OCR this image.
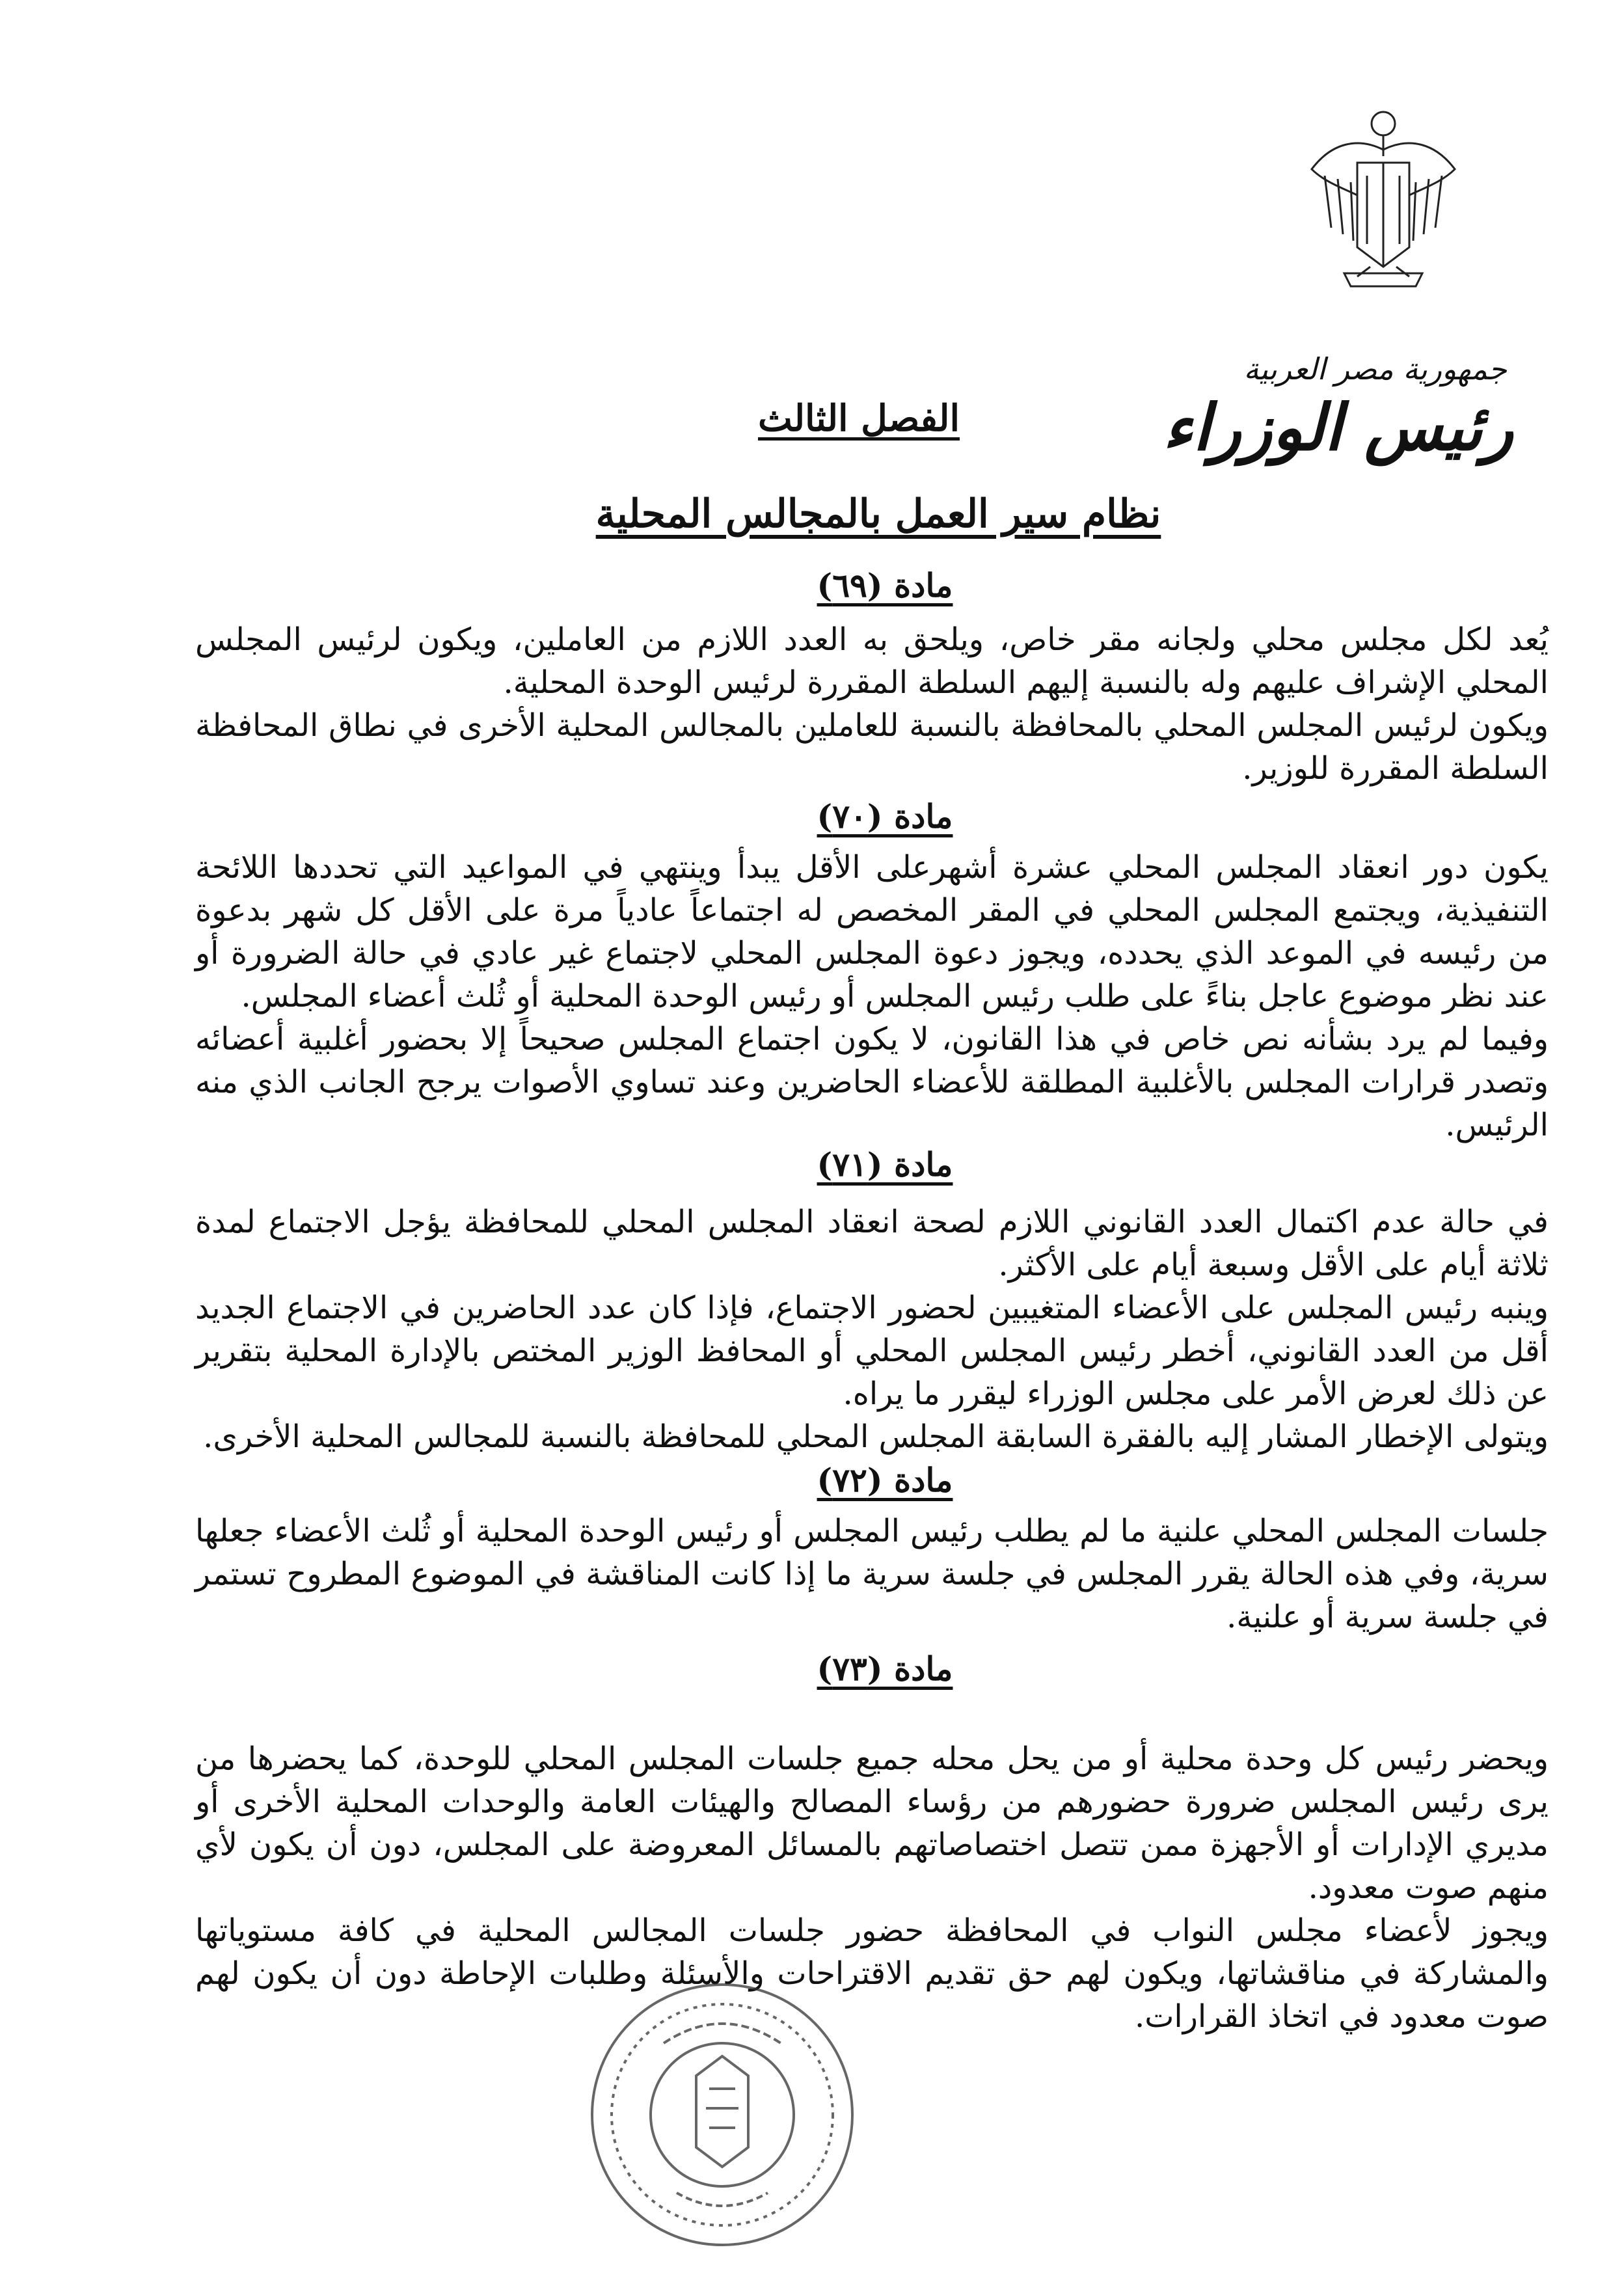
جمهورية مصر العربية
رئيس الوزراء
الفصل الثالث
نظام سير العمل بالمجالس المحلية
مادة (٦٩)

يُعد لكل مجلس محلي ولجانه مقر خاص، ويلحق به العدد اللازم من العاملين، ويكون لرئيس المجلس المحلي الإشراف عليهم وله بالنسبة إليهم السلطة المقررة لرئيس الوحدة المحلية.

ويكون لرئيس المجلس المحلي بالمحافظة بالنسبة للعاملين بالمجالس المحلية الأخرى في نطاق المحافظة السلطة المقررة للوزير.

مادة (٧٠)

يكون دور انعقاد المجلس المحلي عشرة أشهرعلى الأقل يبدأ وينتهي في المواعيد التي تحددها اللائحة التنفيذية، ويجتمع المجلس المحلي في المقر المخصص له اجتماعاً عادياً مرة على الأقل كل شهر بدعوة من رئيسه في الموعد الذي يحدده، ويجوز دعوة المجلس المحلي لاجتماع غير عادي في حالة الضرورة أو عند نظر موضوع عاجل بناءً على طلب رئيس المجلس أو رئيس الوحدة المحلية أو ثُلث أعضاء المجلس.

وفيما لم يرد بشأنه نص خاص في هذا القانون، لا يكون اجتماع المجلس صحيحاً إلا بحضور أغلبية أعضائه وتصدر قرارات المجلس بالأغلبية المطلقة للأعضاء الحاضرين وعند تساوي الأصوات يرجح الجانب الذي منه الرئيس.

مادة (٧١)

في حالة عدم اكتمال العدد القانوني اللازم لصحة انعقاد المجلس المحلي للمحافظة يؤجل الاجتماع لمدة ثلاثة أيام على الأقل وسبعة أيام على الأكثر.

وينبه رئيس المجلس على الأعضاء المتغيبين لحضور الاجتماع، فإذا كان عدد الحاضرين في الاجتماع الجديد أقل من العدد القانوني، أخطر رئيس المجلس المحلي أو المحافظ الوزير المختص بالإدارة المحلية بتقرير عن ذلك لعرض الأمر على مجلس الوزراء ليقرر ما يراه.

ويتولى الإخطار المشار إليه بالفقرة السابقة المجلس المحلي للمحافظة بالنسبة للمجالس المحلية الأخرى.

مادة (٧٢)

جلسات المجلس المحلي علنية ما لم يطلب رئيس المجلس أو رئيس الوحدة المحلية أو ثُلث الأعضاء جعلها سرية، وفي هذه الحالة يقرر المجلس في جلسة سرية ما إذا كانت المناقشة في الموضوع المطروح تستمر في جلسة سرية أو علنية.

مادة (٧٣)

ويحضر رئيس كل وحدة محلية أو من يحل محله جميع جلسات المجلس المحلي للوحدة، كما يحضرها من يرى رئيس المجلس ضرورة حضورهم من رؤساء المصالح والهيئات العامة والوحدات المحلية الأخرى أو مديري الإدارات أو الأجهزة ممن تتصل اختصاصاتهم بالمسائل المعروضة على المجلس، دون أن يكون لأي منهم صوت معدود.

ويجوز لأعضاء مجلس النواب في المحافظة حضور جلسات المجالس المحلية في كافة مستوياتها والمشاركة في مناقشاتها، ويكون لهم حق تقديم الاقتراحات والأسئلة وطلبات الإحاطة دون أن يكون لهم صوت معدود في اتخاذ القرارات.
